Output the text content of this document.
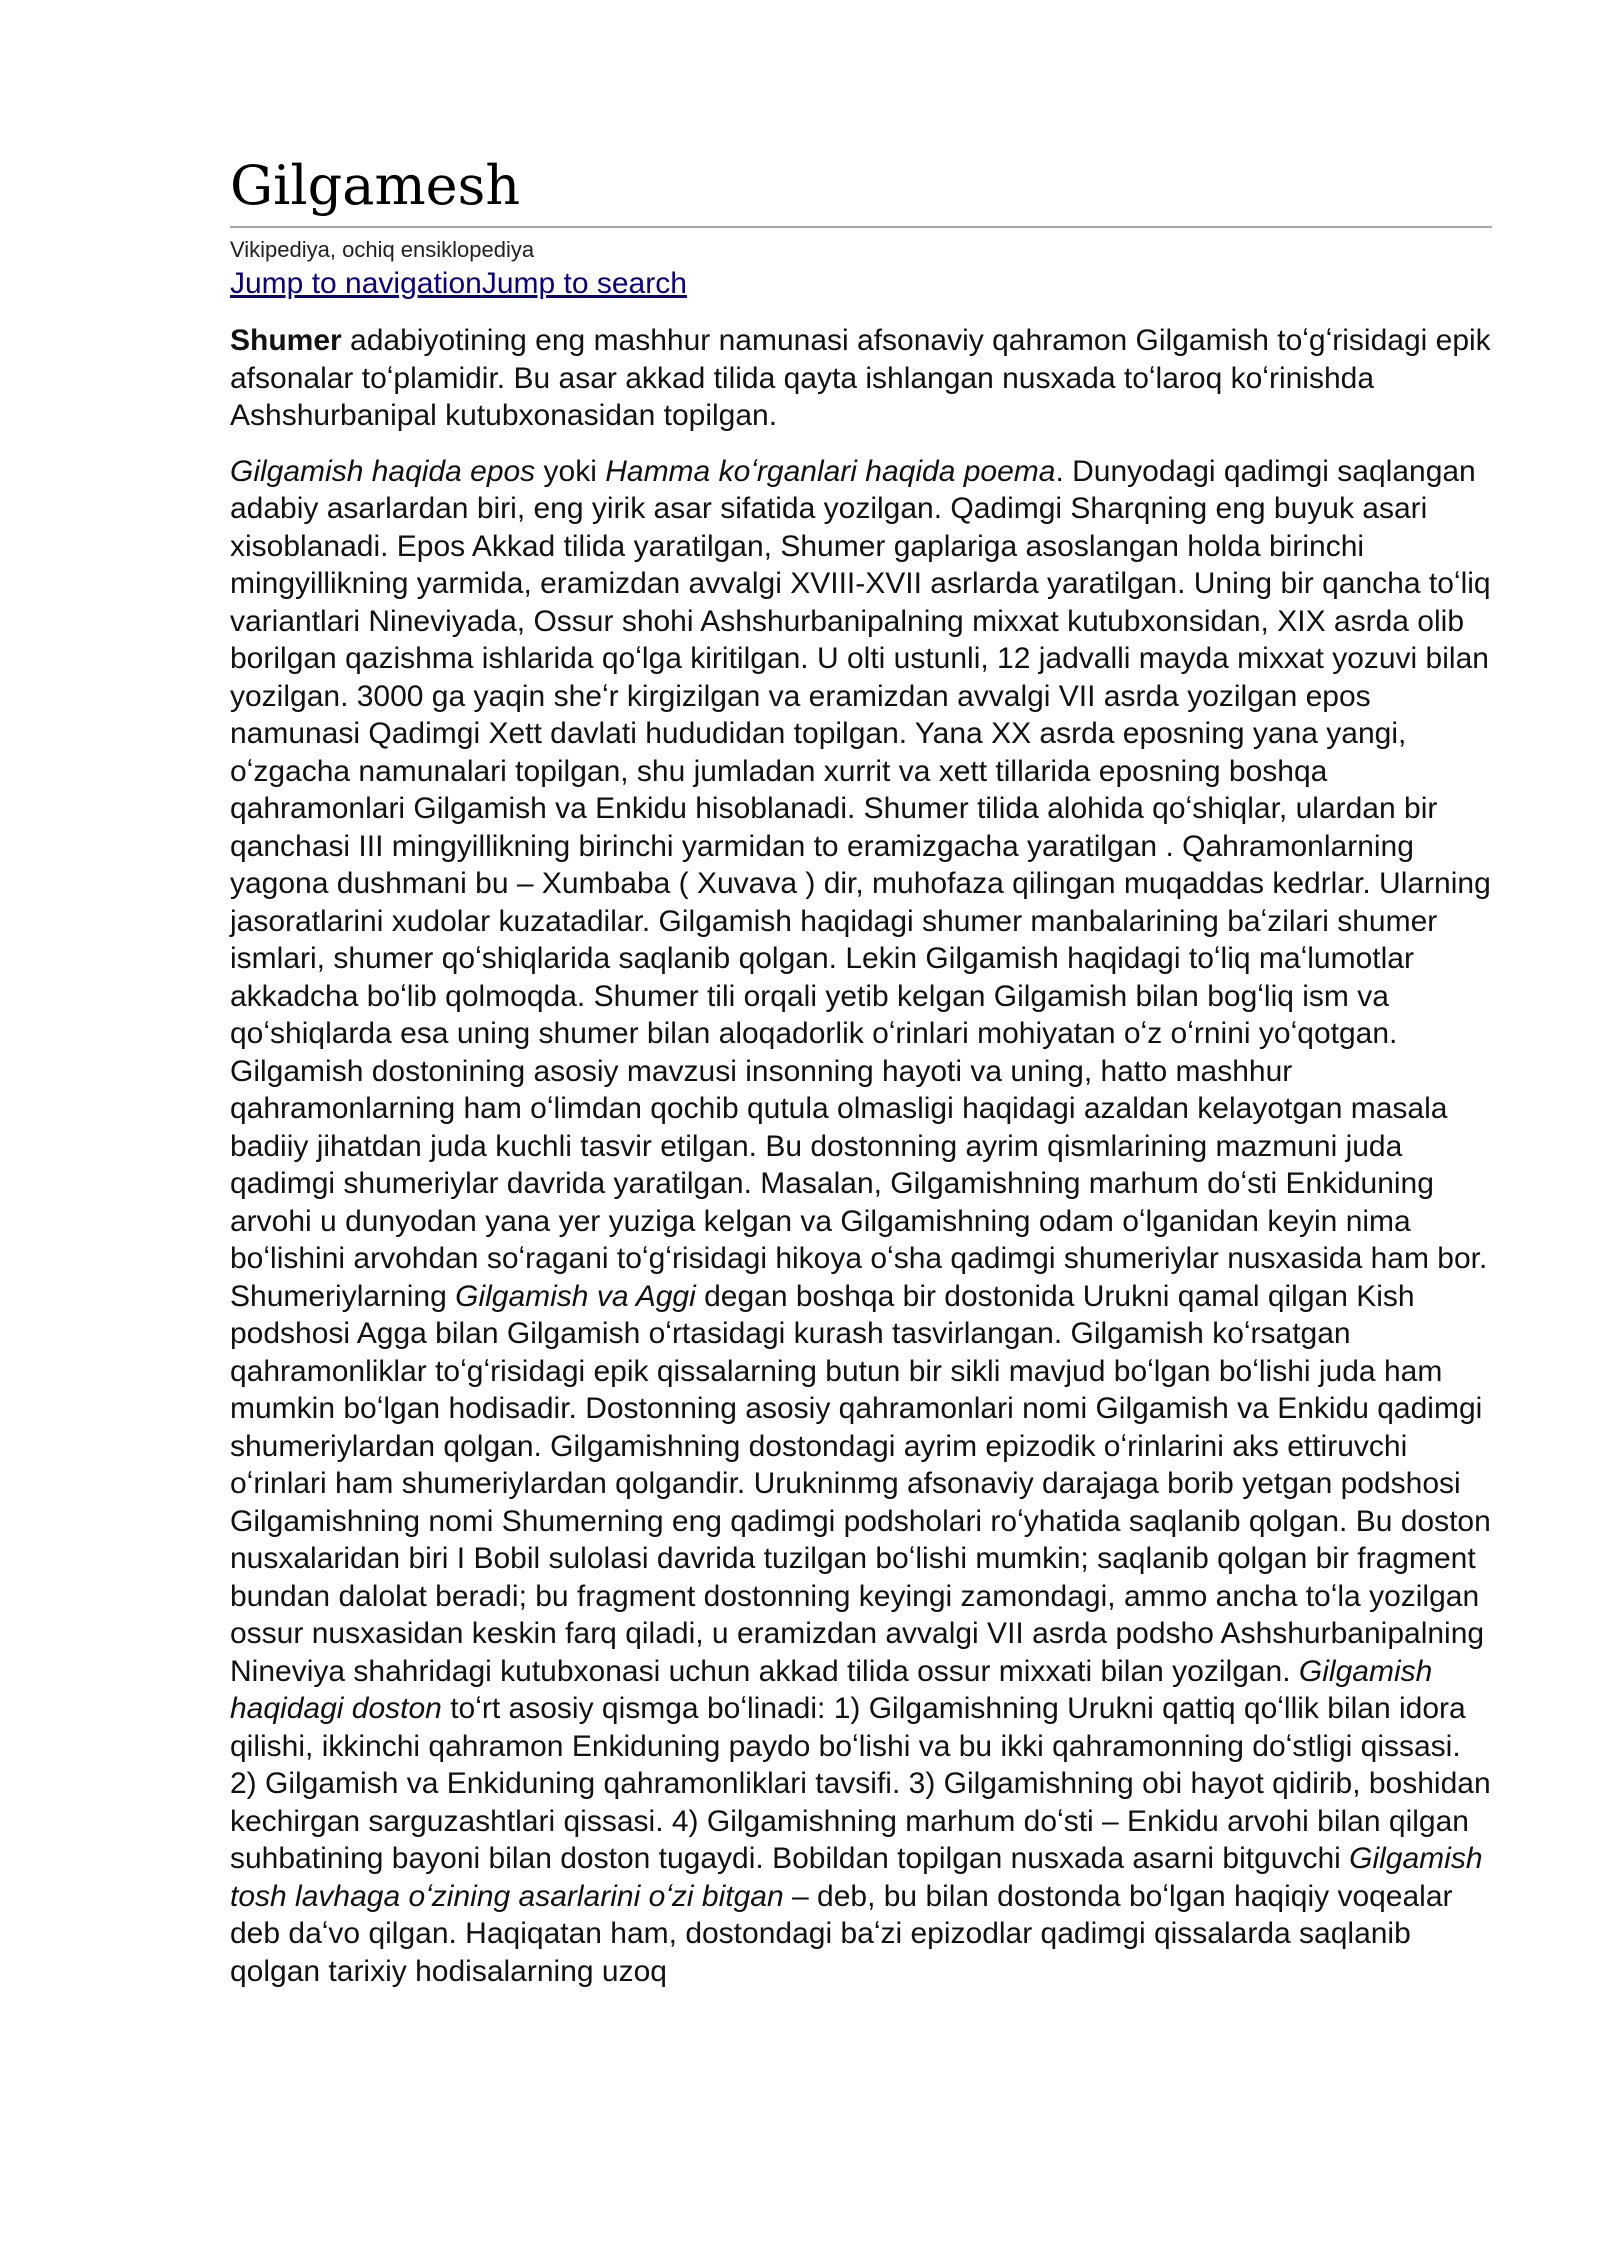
Gilgamesh
Vikipediya, ochiq ensiklopediya
Jump to navigationJump to search

Shumer adabiyotining eng mashhur namunasi afsonaviy qahramon Gilgamish toʻgʻrisidagi epik afsonalar toʻplamidir. Bu asar akkad tilida qayta ishlangan nusxada toʻlaroq koʻrinishda Ashshurbanipal kutubxonasidan topilgan.

Gilgamish haqida epos yoki Hamma koʻrganlari haqida poema. Dunyodagi qadimgi saqlangan adabiy asarlardan biri, eng yirik asar sifatida yozilgan. Qadimgi Sharqning eng buyuk asari xisoblanadi. Epos Akkad tilida yaratilgan, Shumer gaplariga asoslangan holda birinchi mingyillikning yarmida, eramizdan avvalgi XVIII-XVII asrlarda yaratilgan. Uning bir qancha toʻliq variantlari Nineviyada, Ossur shohi Ashshurbanipalning mixxat kutubxonsidan, XIX asrda olib borilgan qazishma ishlarida qoʻlga kiritilgan. U olti ustunli, 12 jadvalli mayda mixxat yozuvi bilan yozilgan. 3000 ga yaqin sheʻr kirgizilgan va eramizdan avvalgi VII asrda yozilgan epos namunasi Qadimgi Xett davlati hududidan topilgan. Yana XX asrda eposning yana yangi, oʻzgacha namunalari topilgan, shu jumladan xurrit va xett tillarida eposning boshqa qahramonlari Gilgamish va Enkidu hisoblanadi. Shumer tilida alohida qoʻshiqlar, ulardan bir qanchasi III mingyillikning birinchi yarmidan to eramizgacha yaratilgan . Qahramonlarning yagona dushmani bu – Xumbaba ( Xuvava ) dir, muhofaza qilingan muqaddas kedrlar. Ularning jasoratlarini xudolar kuzatadilar. Gilgamish haqidagi shumer manbalarining baʻzilari shumer ismlari, shumer qoʻshiqlarida saqlanib qolgan. Lekin Gilgamish haqidagi toʻliq maʻlumotlar akkadcha boʻlib qolmoqda. Shumer tili orqali yetib kelgan Gilgamish bilan bogʻliq ism va qoʻshiqlarda esa uning shumer bilan aloqadorlik oʻrinlari mohiyatan oʻz oʻrnini yoʻqotgan. Gilgamish dostonining asosiy mavzusi insonning hayoti va uning, hatto mashhur qahramonlarning ham oʻlimdan qochib qutula olmasligi haqidagi azaldan kelayotgan masala badiiy jihatdan juda kuchli tasvir etilgan. Bu dostonning ayrim qismlarining mazmuni juda qadimgi shumeriylar davrida yaratilgan. Masalan, Gilgamishning marhum doʻsti Enkiduning arvohi u dunyodan yana yer yuziga kelgan va Gilgamishning odam oʻlganidan keyin nima boʻlishini arvohdan soʻragani toʻgʻrisidagi hikoya oʻsha qadimgi shumeriylar nusxasida ham bor. Shumeriylarning Gilgamish va Aggi degan boshqa bir dostonida Urukni qamal qilgan Kish podshosi Agga bilan Gilgamish oʻrtasidagi kurash tasvirlangan. Gilgamish koʻrsatgan qahramonliklar toʻgʻrisidagi epik qissalarning butun bir sikli mavjud boʻlgan boʻlishi juda ham mumkin boʻlgan hodisadir. Dostonning asosiy qahramonlari nomi Gilgamish va Enkidu qadimgi shumeriylardan qolgan. Gilgamishning dostondagi ayrim epizodik oʻrinlarini aks ettiruvchi oʻrinlari ham shumeriylardan qolgandir. Urukninmg afsonaviy darajaga borib yetgan podshosi Gilgamishning nomi Shumerning eng qadimgi podsholari roʻyhatida saqlanib qolgan. Bu doston nusxalaridan biri I Bobil sulolasi davrida tuzilgan boʻlishi mumkin; saqlanib qolgan bir fragment bundan dalolat beradi; bu fragment dostonning keyingi zamondagi, ammo ancha toʻla yozilgan ossur nusxasidan keskin farq qiladi, u eramizdan avvalgi VII asrda podsho Ashshurbanipalning Nineviya shahridagi kutubxonasi uchun akkad tilida ossur mixxati bilan yozilgan. Gilgamish haqidagi doston toʻrt asosiy qismga boʻlinadi: 1) Gilgamishning Urukni qattiq qoʻllik bilan idora qilishi, ikkinchi qahramon Enkiduning paydo boʻlishi va bu ikki qahramonning doʻstligi qissasi. 2) Gilgamish va Enkiduning qahramonliklari tavsifi. 3) Gilgamishning obi hayot qidirib, boshidan kechirgan sarguzashtlari qissasi. 4) Gilgamishning marhum doʻsti – Enkidu arvohi bilan qilgan suhbatining bayoni bilan doston tugaydi. Bobildan topilgan nusxada asarni bitguvchi Gilgamish tosh lavhaga oʻzining asarlarini oʻzi bitgan – deb, bu bilan dostonda boʻlgan haqiqiy voqealar deb daʻvo qilgan. Haqiqatan ham, dostondagi baʻzi epizodlar qadimgi qissalarda saqlanib qolgan tarixiy hodisalarning uzoq
